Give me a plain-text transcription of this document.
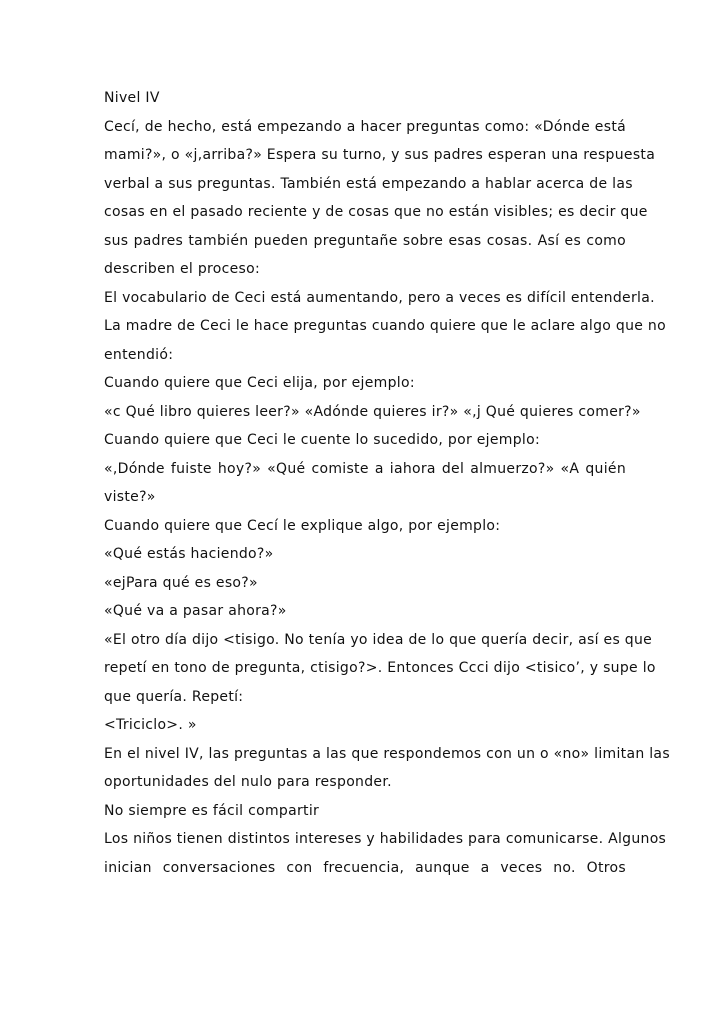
Nivel IV
Cecí, de hecho, está empezando a hacer preguntas como: «Dónde está
mami?», o «j,arriba?» Espera su turno, y sus padres esperan una respuesta
verbal a sus preguntas. También está empezando a hablar acerca de las
cosas en el pasado reciente y de cosas que no están visibles; es decir que
sus padres también pueden preguntañe sobre esas cosas. Así es como
describen el proceso:
El vocabulario de Ceci está aumentando, pero a veces es difícil entenderla.
La madre de Ceci le hace preguntas cuando quiere que le aclare algo que no
entendió:
Cuando quiere que Ceci elija, por ejemplo:
«c Qué libro quieres leer?» «Adónde quieres ir?» «,j Qué quieres comer?»
Cuando quiere que Ceci le cuente lo sucedido, por ejemplo:
«,Dónde fuiste hoy?» «Qué comiste a iahora del almuerzo?» «A quién
viste?»
Cuando quiere que Cecí le explique algo, por ejemplo:
«Qué estás haciendo?»
«ejPara qué es eso?»
«Qué va a pasar ahora?»
«El otro día dijo <tisigo. No tenía yo idea de lo que quería decir, así es que
repetí en tono de pregunta, ctisigo?>. Entonces Ccci dijo <tisico’, y supe lo
que quería. Repetí:
<Triciclo>. »
En el nivel IV, las preguntas a las que respondemos con un o «no» limitan las
oportunidades del nulo para responder.
No siempre es fácil compartir
Los niños tienen distintos intereses y habilidades para comunicarse. Algunos
inician conversaciones con frecuencia, aunque a veces no. Otros
